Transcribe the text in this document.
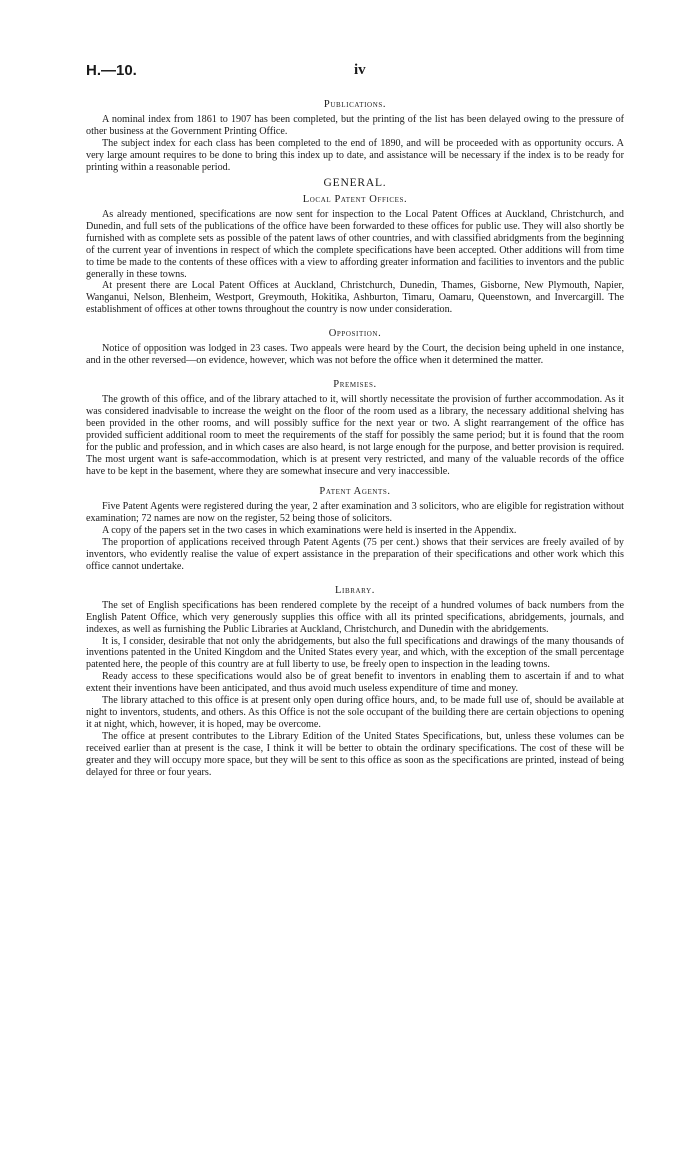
H.—10.	iv
Publications.

A nominal index from 1861 to 1907 has been completed, but the printing of the list has been delayed owing to the pressure of other business at the Government Printing Office.

The subject index for each class has been completed to the end of 1890, and will be proceeded with as opportunity occurs. A very large amount requires to be done to bring this index up to date, and assistance will be necessary if the index is to be ready for printing within a reasonable period.

GENERAL.
Local Patent Offices.

As already mentioned, specifications are now sent for inspection to the Local Patent Offices at Auckland, Christchurch, and Dunedin, and full sets of the publications of the office have been forwarded to these offices for public use. They will also shortly be furnished with as complete sets as possible of the patent laws of other countries, and with classified abridgments from the beginning of the current year of inventions in respect of which the complete specifications have been accepted. Other additions will from time to time be made to the contents of these offices with a view to affording greater information and facilities to inventors and the public generally in these towns.

At present there are Local Patent Offices at Auckland, Christchurch, Dunedin, Thames, Gisborne, New Plymouth, Napier, Wanganui, Nelson, Blenheim, Westport, Greymouth, Hokitika, Ashburton, Timaru, Oamaru, Queenstown, and Invercargill. The establishment of offices at other towns throughout the country is now under consideration.

Opposition.

Notice of opposition was lodged in 23 cases. Two appeals were heard by the Court, the decision being upheld in one instance, and in the other reversed—on evidence, however, which was not before the office when it determined the matter.

Premises.

The growth of this office, and of the library attached to it, will shortly necessitate the provision of further accommodation. As it was considered inadvisable to increase the weight on the floor of the room used as a library, the necessary additional shelving has been provided in the other rooms, and will possibly suffice for the next year or two. A slight rearrangement of the office has provided sufficient additional room to meet the requirements of the staff for possibly the same period; but it is found that the room for the public and profession, and in which cases are also heard, is not large enough for the purpose, and better provision is required. The most urgent want is safe-accommodation, which is at present very restricted, and many of the valuable records of the office have to be kept in the basement, where they are somewhat insecure and very inaccessible.

Patent Agents.

Five Patent Agents were registered during the year, 2 after examination and 3 solicitors, who are eligible for registration without examination; 72 names are now on the register, 52 being those of solicitors.

A copy of the papers set in the two cases in which examinations were held is inserted in the Appendix.

The proportion of applications received through Patent Agents (75 per cent.) shows that their services are freely availed of by inventors, who evidently realise the value of expert assistance in the preparation of their specifications and other work which this office cannot undertake.

Library.

The set of English specifications has been rendered complete by the receipt of a hundred volumes of back numbers from the English Patent Office, which very generously supplies this office with all its printed specifications, abridgements, journals, and indexes, as well as furnishing the Public Libraries at Auckland, Christchurch, and Dunedin with the abridgements.

It is, I consider, desirable that not only the abridgements, but also the full specifications and drawings of the many thousands of inventions patented in the United Kingdom and the United States every year, and which, with the exception of the small percentage patented here, the people of this country are at full liberty to use, be freely open to inspection in the leading towns.

Ready access to these specifications would also be of great benefit to inventors in enabling them to ascertain if and to what extent their inventions have been anticipated, and thus avoid much useless expenditure of time and money.

The library attached to this office is at present only open during office hours, and, to be made full use of, should be available at night to inventors, students, and others. As this Office is not the sole occupant of the building there are certain objections to opening it at night, which, however, it is hoped, may be overcome.

The office at present contributes to the Library Edition of the United States Specifications, but, unless these volumes can be received earlier than at present is the case, I think it will be better to obtain the ordinary specifications. The cost of these will be greater and they will occupy more space, but they will be sent to this office as soon as the specifications are printed, instead of being delayed for three or four years.
